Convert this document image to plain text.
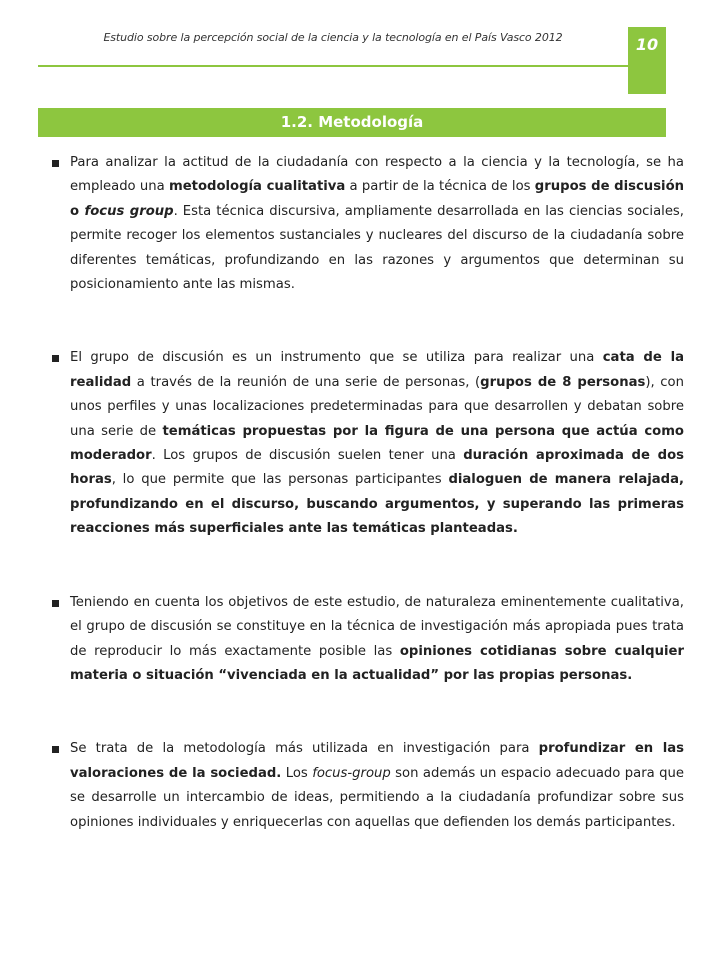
Estudio sobre la percepción social de la ciencia y la tecnología en el País Vasco 2012	10
1.2. Metodología

Para analizar la actitud de la ciudadanía con respecto a la ciencia y la tecnología, se ha empleado una metodología cualitativa a partir de la técnica de los grupos de discusión o focus group. Esta técnica discursiva, ampliamente desarrollada en las ciencias sociales, permite recoger los elementos sustanciales y nucleares del discurso de la ciudadanía sobre diferentes temáticas, profundizando en las razones y argumentos que determinan su posicionamiento ante las mismas.

El grupo de discusión es un instrumento que se utiliza para realizar una cata de la realidad a través de la reunión de una serie de personas, (grupos de 8 personas), con unos perfiles y unas localizaciones predeterminadas para que desarrollen y debatan sobre una serie de temáticas propuestas por la figura de una persona que actúa como moderador. Los grupos de discusión suelen tener una duración aproximada de dos horas, lo que permite que las personas participantes dialoguen de manera relajada, profundizando en el discurso, buscando argumentos, y superando las primeras reacciones más superficiales ante las temáticas planteadas.

Teniendo en cuenta los objetivos de este estudio, de naturaleza eminentemente cualitativa, el grupo de discusión se constituye en la técnica de investigación más apropiada pues trata de reproducir lo más exactamente posible las opiniones cotidianas sobre cualquier materia o situación “vivenciada en la actualidad” por las propias personas.

Se trata de la metodología más utilizada en investigación para profundizar en las valoraciones de la sociedad. Los focus-group son además un espacio adecuado para que se desarrolle un intercambio de ideas, permitiendo a la ciudadanía profundizar sobre sus opiniones individuales y enriquecerlas con aquellas que defienden los demás participantes.
